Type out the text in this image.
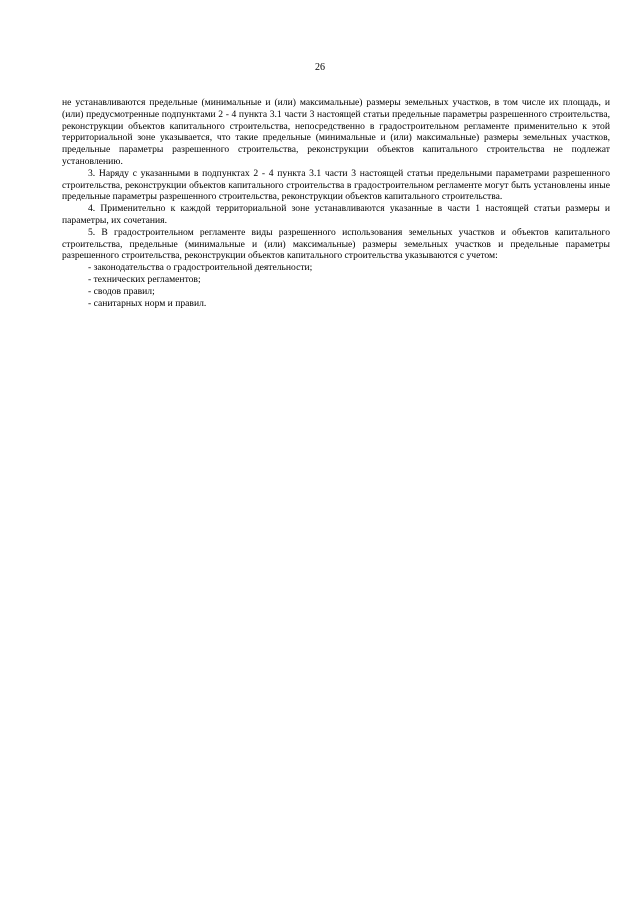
26

не устанавливаются предельные (минимальные и (или) максимальные) размеры земельных участков, в том числе их площадь, и (или) предусмотренные подпунктами 2 - 4 пункта 3.1 части 3 настоящей статьи предельные параметры разрешенного строительства, реконструкции объектов капитального строительства, непосредственно в градостроительном регламенте применительно к этой территориальной зоне указывается, что такие предельные (минимальные и (или) максимальные) размеры земельных участков, предельные параметры разрешенного строительства, реконструкции объектов капитального строительства не подлежат установлению.

3. Наряду с указанными в подпунктах 2 - 4 пункта 3.1 части 3 настоящей статьи предельными параметрами разрешенного строительства, реконструкции объектов капитального строительства в градостроительном регламенте могут быть установлены иные предельные параметры разрешенного строительства, реконструкции объектов капитального строительства.

4. Применительно к каждой территориальной зоне устанавливаются указанные в части 1 настоящей статьи размеры и параметры, их сочетания.

5. В градостроительном регламенте виды разрешенного использования земельных участков и объектов капитального строительства, предельные (минимальные и (или) максимальные) размеры земельных участков и предельные параметры разрешенного строительства, реконструкции объектов капитального строительства указываются с учетом:

- законодательства о градостроительной деятельности;

- технических регламентов;

- сводов правил;

- санитарных норм и правил.
